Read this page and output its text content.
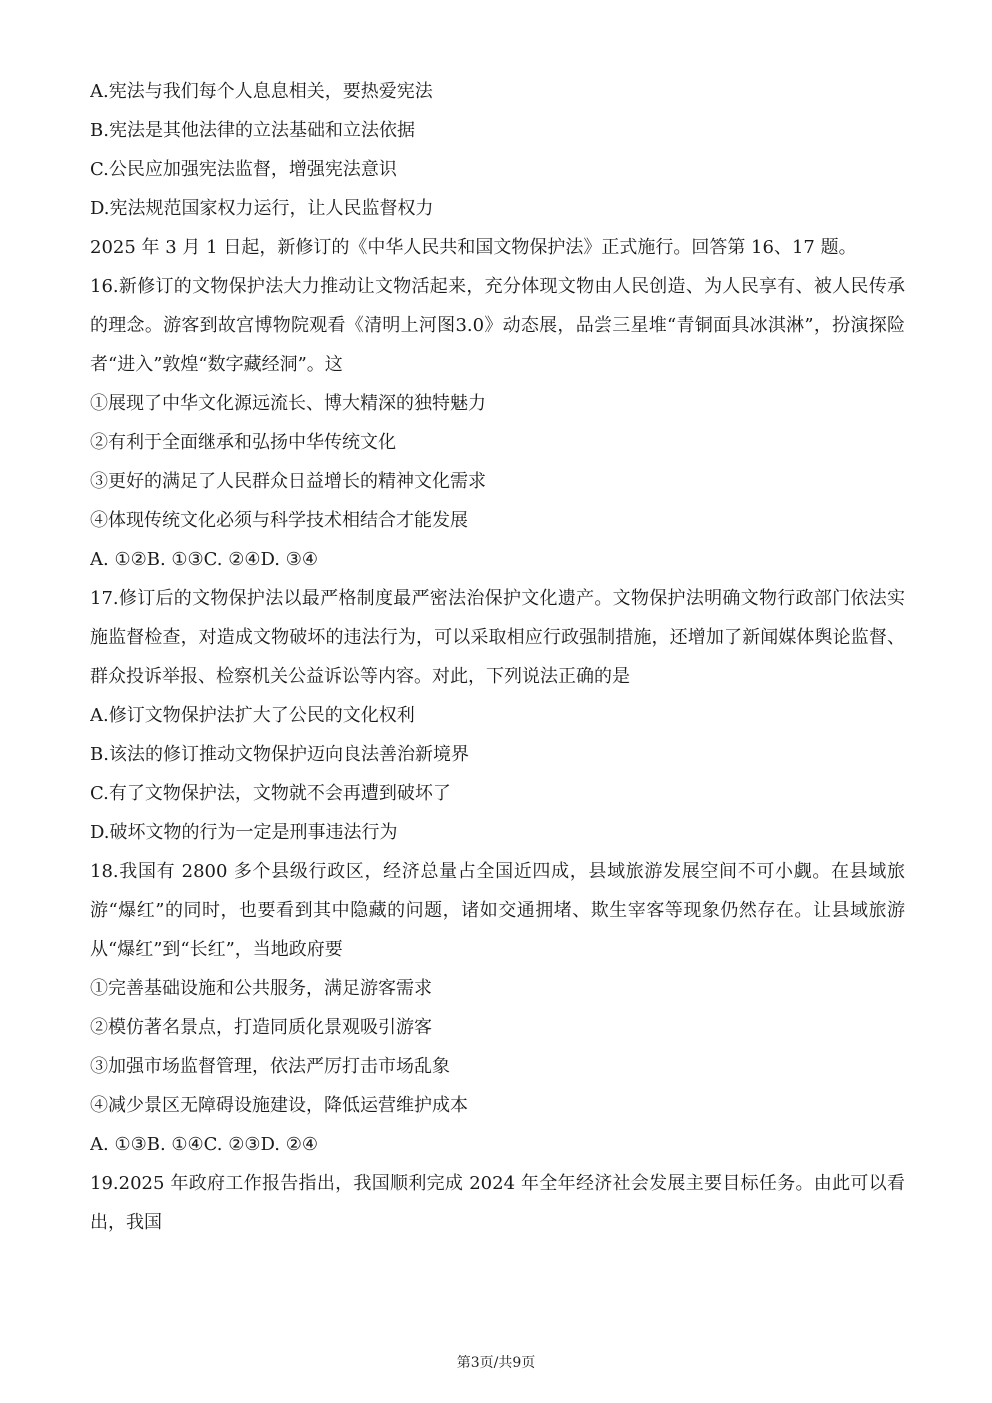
A.宪法与我们每个人息息相关，要热爱宪法
B.宪法是其他法律的立法基础和立法依据
C.公民应加强宪法监督，增强宪法意识
D.宪法规范国家权力运行，让人民监督权力
2025 年 3 月 1 日起，新修订的《中华人民共和国文物保护法》正式施行。回答第 16、17 题。
16.新修订的文物保护法大力推动让文物活起来，充分体现文物由人民创造、为人民享有、被人民传承的理念。游客到故宫博物院观看《清明上河图3.0》动态展，品尝三星堆“青铜面具冰淇淋”，扮演探险者“进入”敦煌“数字藏经洞”。这
①展现了中华文化源远流长、博大精深的独特魅力
②有利于全面继承和弘扬中华传统文化
③更好的满足了人民群众日益增长的精神文化需求
④体现传统文化必须与科学技术相结合才能发展
A. ①②B. ①③C. ②④D. ③④
17.修订后的文物保护法以最严格制度最严密法治保护文化遗产。文物保护法明确文物行政部门依法实施监督检查，对造成文物破坏的违法行为，可以采取相应行政强制措施，还增加了新闻媒体舆论监督、群众投诉举报、检察机关公益诉讼等内容。对此，下列说法正确的是
A.修订文物保护法扩大了公民的文化权利
B.该法的修订推动文物保护迈向良法善治新境界
C.有了文物保护法，文物就不会再遭到破坏了
D.破坏文物的行为一定是刑事违法行为
18.我国有 2800 多个县级行政区，经济总量占全国近四成，县域旅游发展空间不可小觑。在县域旅游“爆红”的同时，也要看到其中隐藏的问题，诸如交通拥堵、欺生宰客等现象仍然存在。让县域旅游从“爆红”到“长红”，当地政府要
①完善基础设施和公共服务，满足游客需求
②模仿著名景点，打造同质化景观吸引游客
③加强市场监督管理，依法严厉打击市场乱象
④减少景区无障碍设施建设，降低运营维护成本
A. ①③B. ①④C. ②③D. ②④
19.2025 年政府工作报告指出，我国顺利完成 2024 年全年经济社会发展主要目标任务。由此可以看出，我国
第3页/共9页
